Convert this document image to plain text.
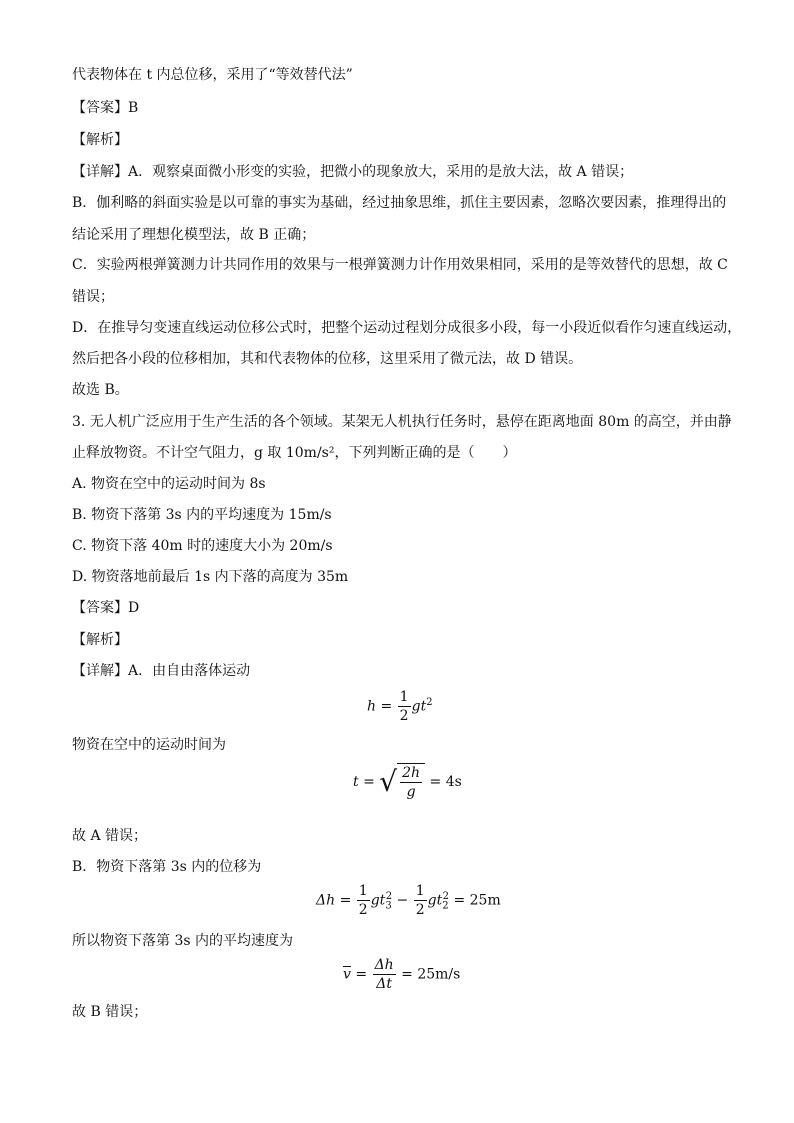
代表物体在 t 内总位移，采用了“等效替代法”
【答案】B
【解析】
【详解】A．观察桌面微小形变的实验，把微小的现象放大，采用的是放大法，故 A 错误；
B．伽利略的斜面实验是以可靠的事实为基础，经过抽象思维，抓住主要因素，忽略次要因素，推理得出的
结论采用了理想化模型法，故 B 正确；
C．实验两根弹簧测力计共同作用的效果与一根弹簧测力计作用效果相同，采用的是等效替代的思想，故 C
错误；
D．在推导匀变速直线运动位移公式时，把整个运动过程划分成很多小段，每一小段近似看作匀速直线运动，
然后把各小段的位移相加，其和代表物体的位移，这里采用了微元法，故 D 错误。
故选 B。
3. 无人机广泛应用于生产生活的各个领域。某架无人机执行任务时，悬停在距离地面 80m 的高空，并由静
止释放物资。不计空气阻力，g 取 10m/s²，下列判断正确的是（　　）
A. 物资在空中的运动时间为 8s
B. 物资下落第 3s 内的平均速度为 15m/s
C. 物资下落 40m 时的速度大小为 20m/s
D. 物资落地前最后 1s 内下落的高度为 35m
【答案】D
【解析】
【详解】A．由自由落体运动
$h = \frac{1}{2} gt^2$
物资在空中的运动时间为
t = √ $\frac{2h}{g} = 4s$
故 A 错误；
B．物资下落第 3s 内的位移为
$\Delta h = \frac{1}{2} gt_3^2 - \frac{1}{2} gt_2^2 = 25m$
所以物资下落第 3s 内的平均速度为
$\overline{v} = \frac{\Delta h}{\Delta t} = 25m/s$
故 B 错误；
